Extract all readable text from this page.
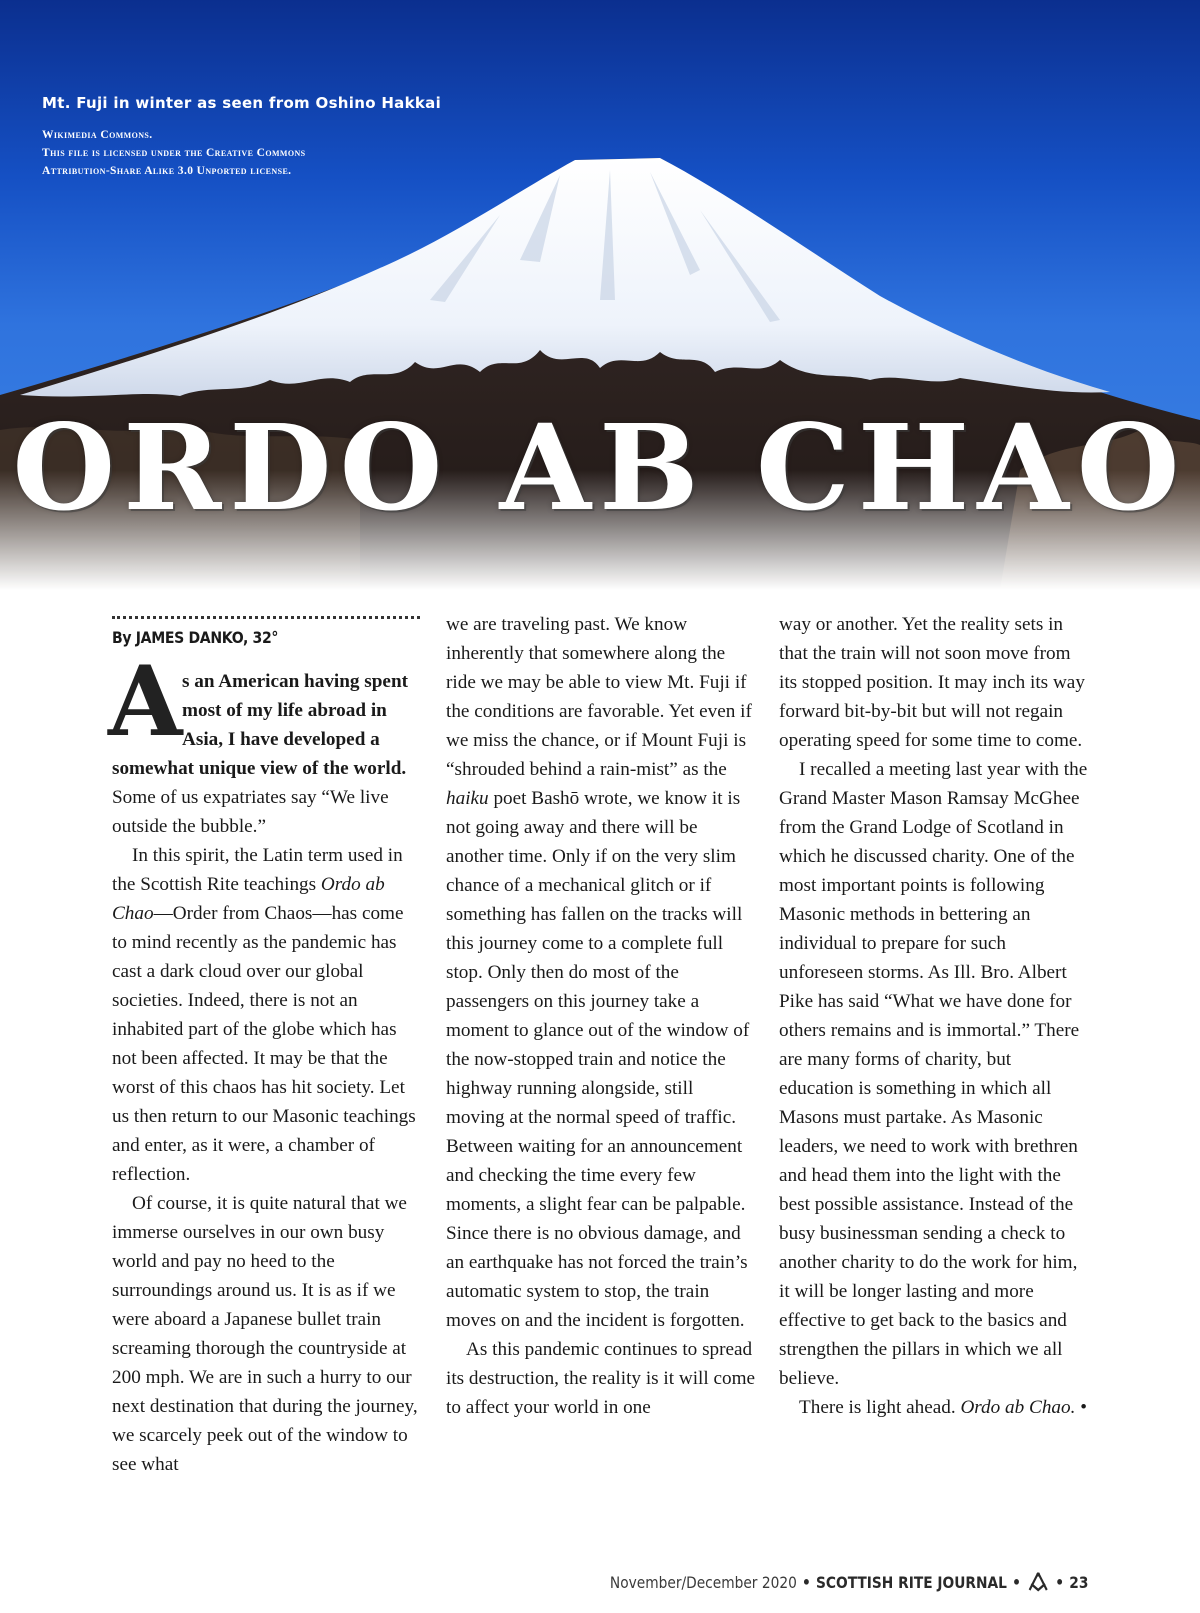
Mt. Fuji in winter as seen from Oshino Hakkai

Wikimedia Commons.
This file is licensed under the Creative Commons
Attribution-Share Alike 3.0 Unported license.

ORDO AB CHAO

By JAMES DANKO, 32°

A s an American having spent most of my life abroad in Asia, I have developed a somewhat unique view of the world. Some of us expatriates say “We live outside the bubble.”

In this spirit, the Latin term used in the Scottish Rite teachings Ordo ab Chao—Order from Chaos—has come to mind recently as the pandemic has cast a dark cloud over our global societies. Indeed, there is not an inhabited part of the globe which has not been affected. It may be that the worst of this chaos has hit society. Let us then return to our Masonic teachings and enter, as it were, a chamber of reflection.

Of course, it is quite natural that we immerse ourselves in our own busy world and pay no heed to the surroundings around us. It is as if we were aboard a Japanese bullet train screaming thorough the countryside at 200 mph. We are in such a hurry to our next destination that during the journey, we scarcely peek out of the window to see what

we are traveling past. We know inherently that somewhere along the ride we may be able to view Mt. Fuji if the conditions are favorable. Yet even if we miss the chance, or if Mount Fuji is “shrouded behind a rain-mist” as the haiku poet Bashō wrote, we know it is not going away and there will be another time. Only if on the very slim chance of a mechanical glitch or if something has fallen on the tracks will this journey come to a complete full stop. Only then do most of the passengers on this journey take a moment to glance out of the window of the now-stopped train and notice the highway running alongside, still moving at the normal speed of traffic. Between waiting for an announcement and checking the time every few moments, a slight fear can be palpable. Since there is no obvious damage, and an earthquake has not forced the train’s automatic system to stop, the train moves on and the incident is forgotten.

As this pandemic continues to spread its destruction, the reality is it will come to affect your world in one

way or another. Yet the reality sets in that the train will not soon move from its stopped position. It may inch its way forward bit-by-bit but will not regain operating speed for some time to come.

I recalled a meeting last year with the Grand Master Mason Ramsay McGhee from the Grand Lodge of Scotland in which he discussed charity. One of the most important points is following Masonic methods in bettering an individual to prepare for such unforeseen storms. As Ill. Bro. Albert Pike has said “What we have done for others remains and is immortal.” There are many forms of charity, but education is something in which all Masons must partake. As Masonic leaders, we need to work with brethren and head them into the light with the best possible assistance. Instead of the busy businessman sending a check to another charity to do the work for him, it will be longer lasting and more effective to get back to the basics and strengthen the pillars in which we all believe.

There is light ahead. Ordo ab Chao. •

November/December 2020 • SCOTTISH RITE JOURNAL • • 23
